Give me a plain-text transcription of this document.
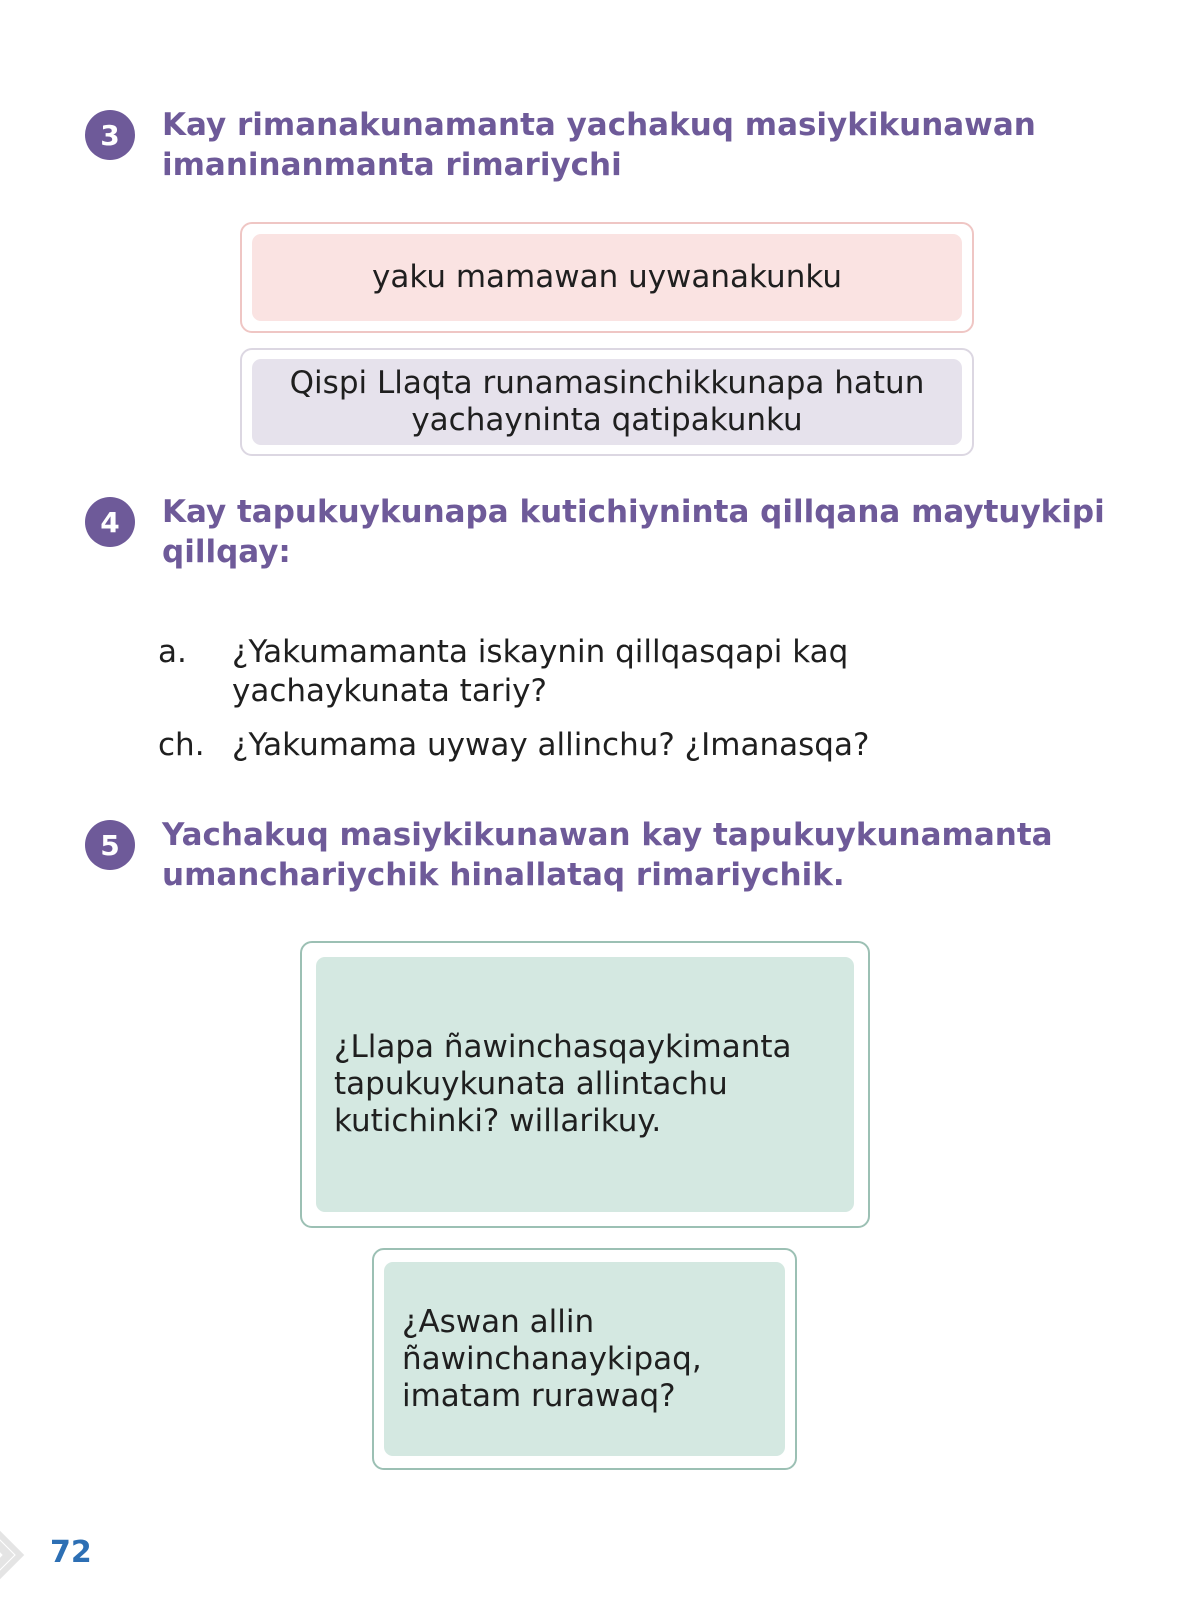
3	Kay rimanakunamanta yachakuq masiykikunawan
imaninanmanta rimariychi
yaku mamawan uywanakunku
Qispi Llaqta runamasinchikkunapa hatun
yachayninta qatipakunku
4	Kay tapukuykunapa kutichiyninta qillqana maytuykipi
qillqay:
a. ¿Yakumamanta iskaynin qillqasqapi kaq
yachaykunata tariy?
ch. ¿Yakumama uyway allinchu? ¿Imanasqa?
5	Yachakuq masiykikunawan kay tapukuykunamanta
umanchariychik hinallataq rimariychik.
¿Llapa ñawinchasqaykimanta
tapukuykunata allintachu
kutichinki? willarikuy.
¿Aswan allin
ñawinchanaykipaq,
imatam rurawaq?
72
